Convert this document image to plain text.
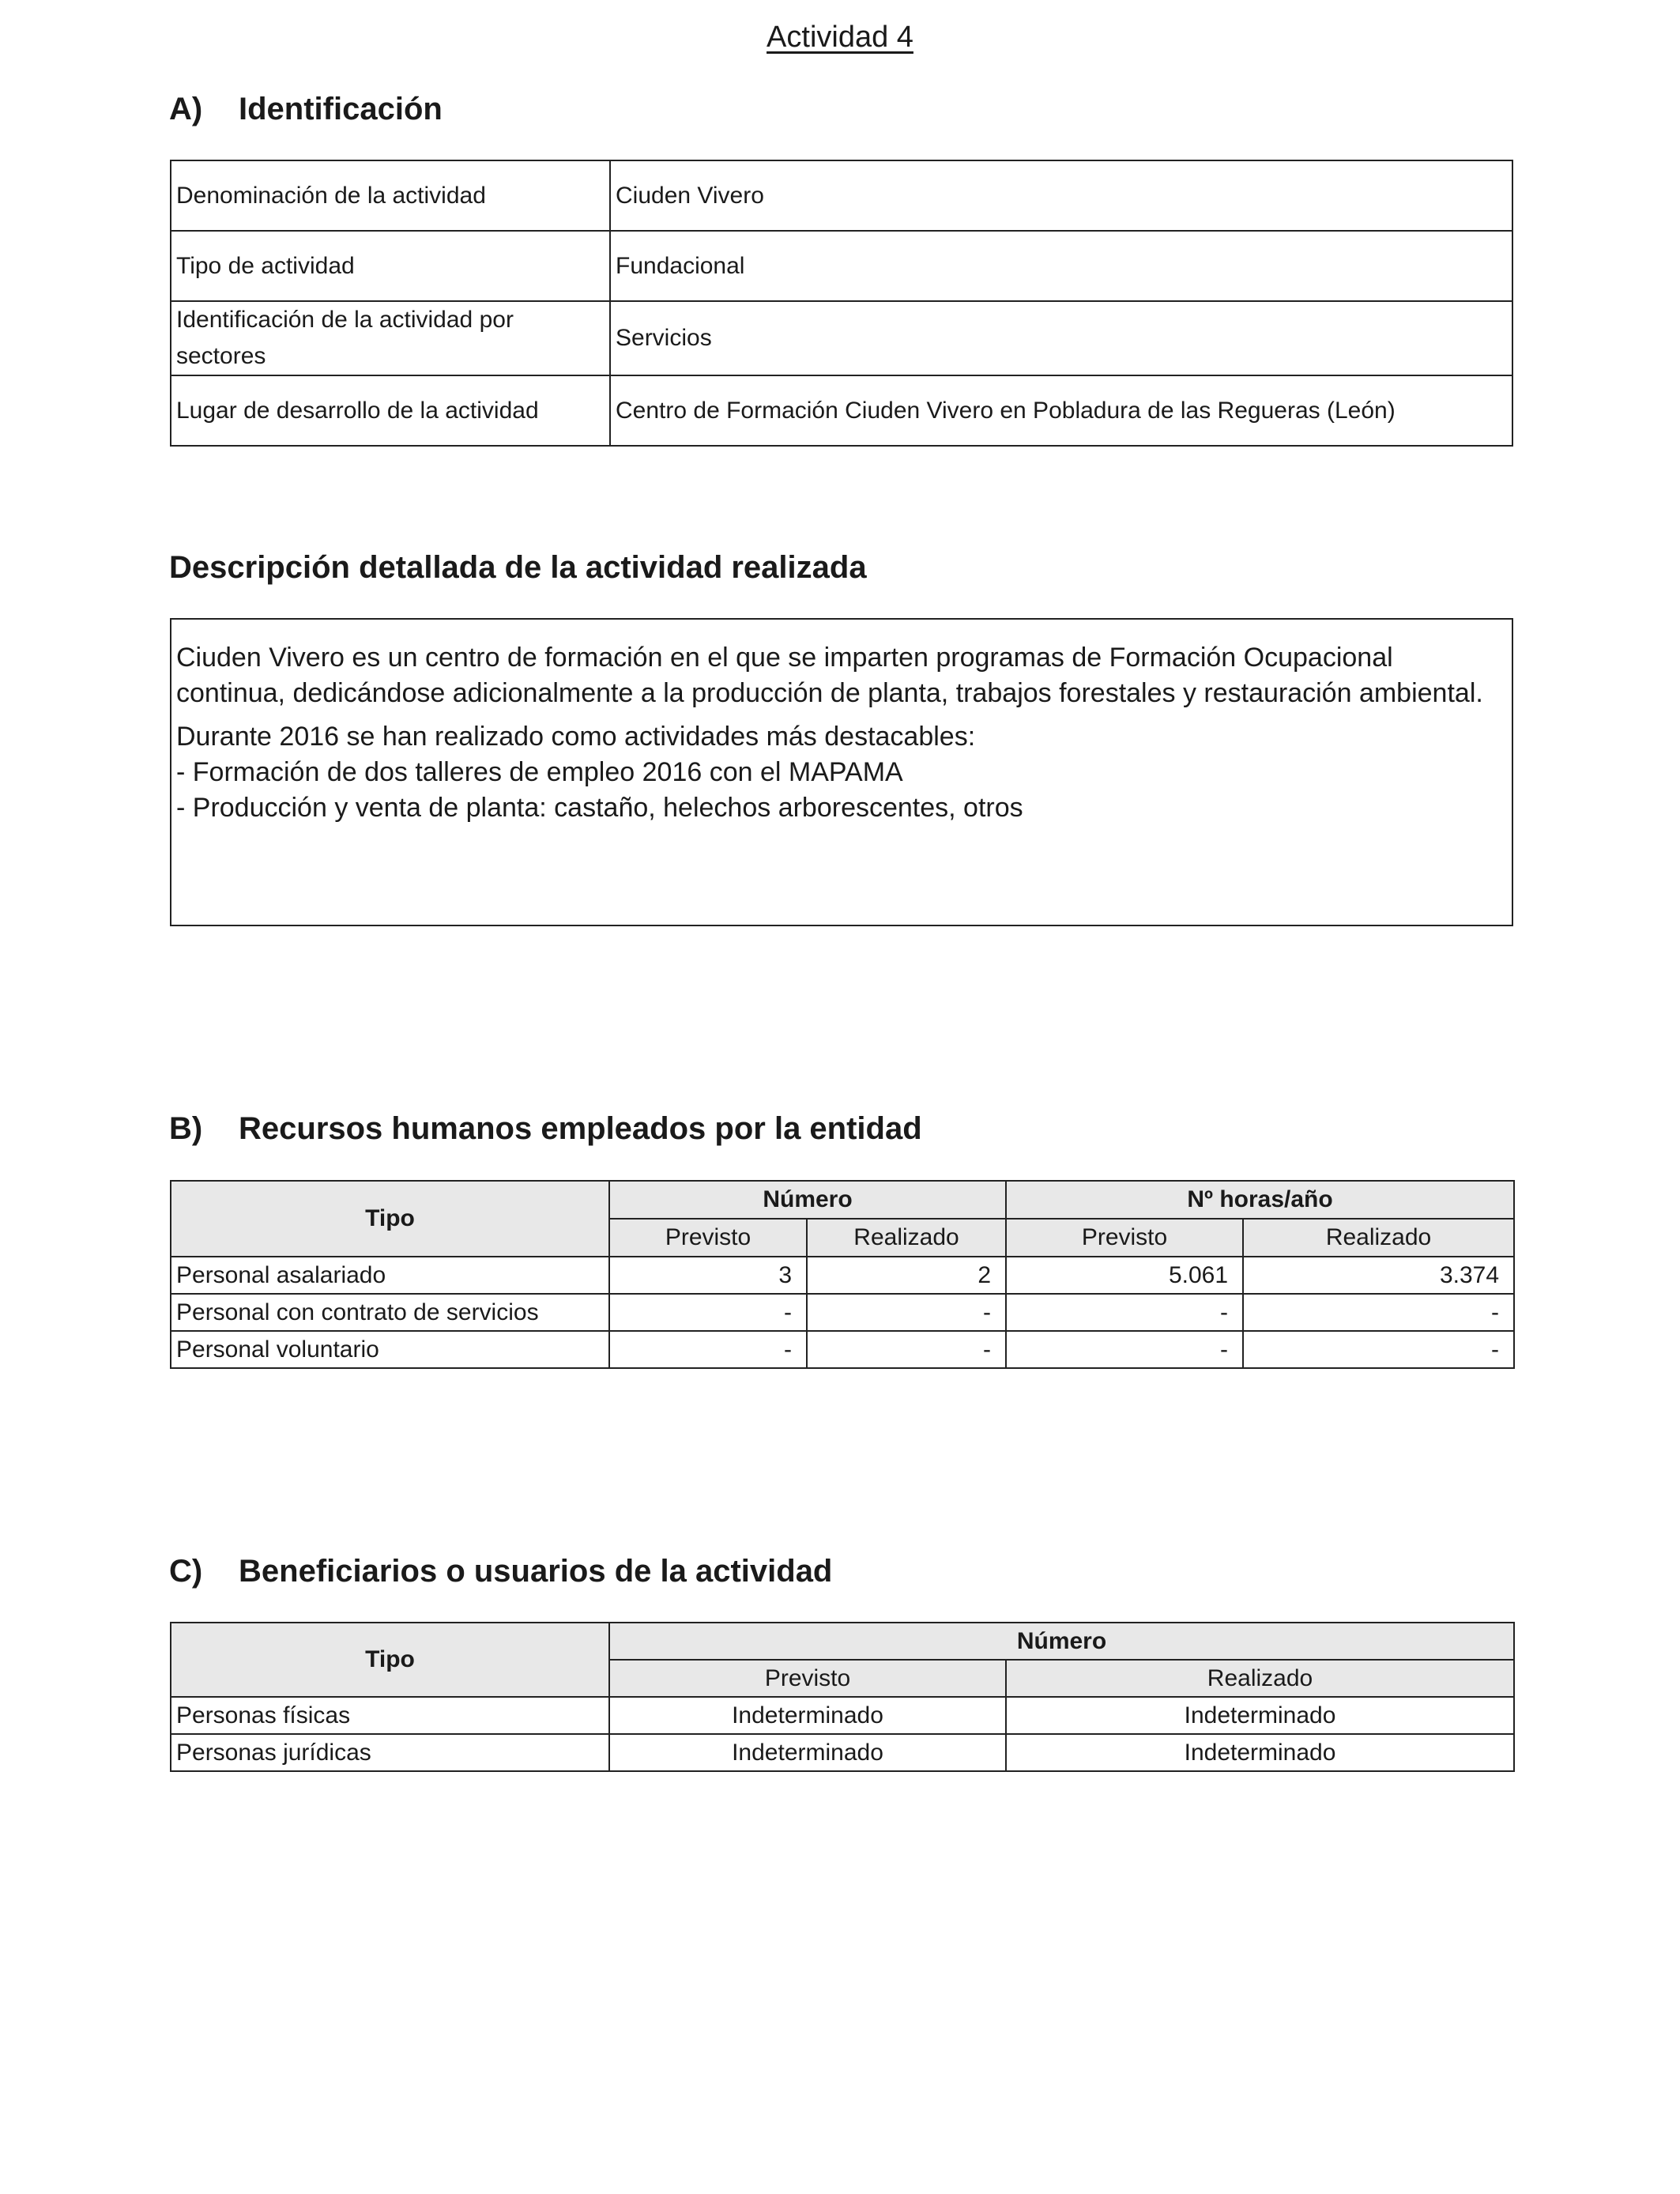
Actividad 4
A) Identificación
Denominación de la actividad	Ciuden Vivero
Tipo de actividad	Fundacional
Identificación de la actividad por sectores	Servicios
Lugar de desarrollo de la actividad	Centro de Formación Ciuden Vivero en Pobladura de las Regueras (León)
Descripción detallada de la actividad realizada

Ciuden Vivero es un centro de formación en el que se imparten programas de Formación Ocupacional continua, dedicándose adicionalmente a la producción de planta, trabajos forestales y restauración ambiental.

Durante 2016 se han realizado como actividades más destacables:
- Formación de dos talleres de empleo 2016 con el MAPAMA
- Producción y venta de planta: castaño, helechos arborescentes, otros

B) Recursos humanos empleados por la entidad
Tipo	Número		Nº horas/año	
	Previsto	Realizado	Previsto	Realizado
Personal asalariado	3	2	5.061	3.374
Personal con contrato de servicios	-	-	-	-
Personal voluntario	-	-	-	-
C) Beneficiarios o usuarios de la actividad
Tipo	Número	
	Previsto	Realizado
Personas físicas	Indeterminado	Indeterminado
Personas jurídicas	Indeterminado	Indeterminado
